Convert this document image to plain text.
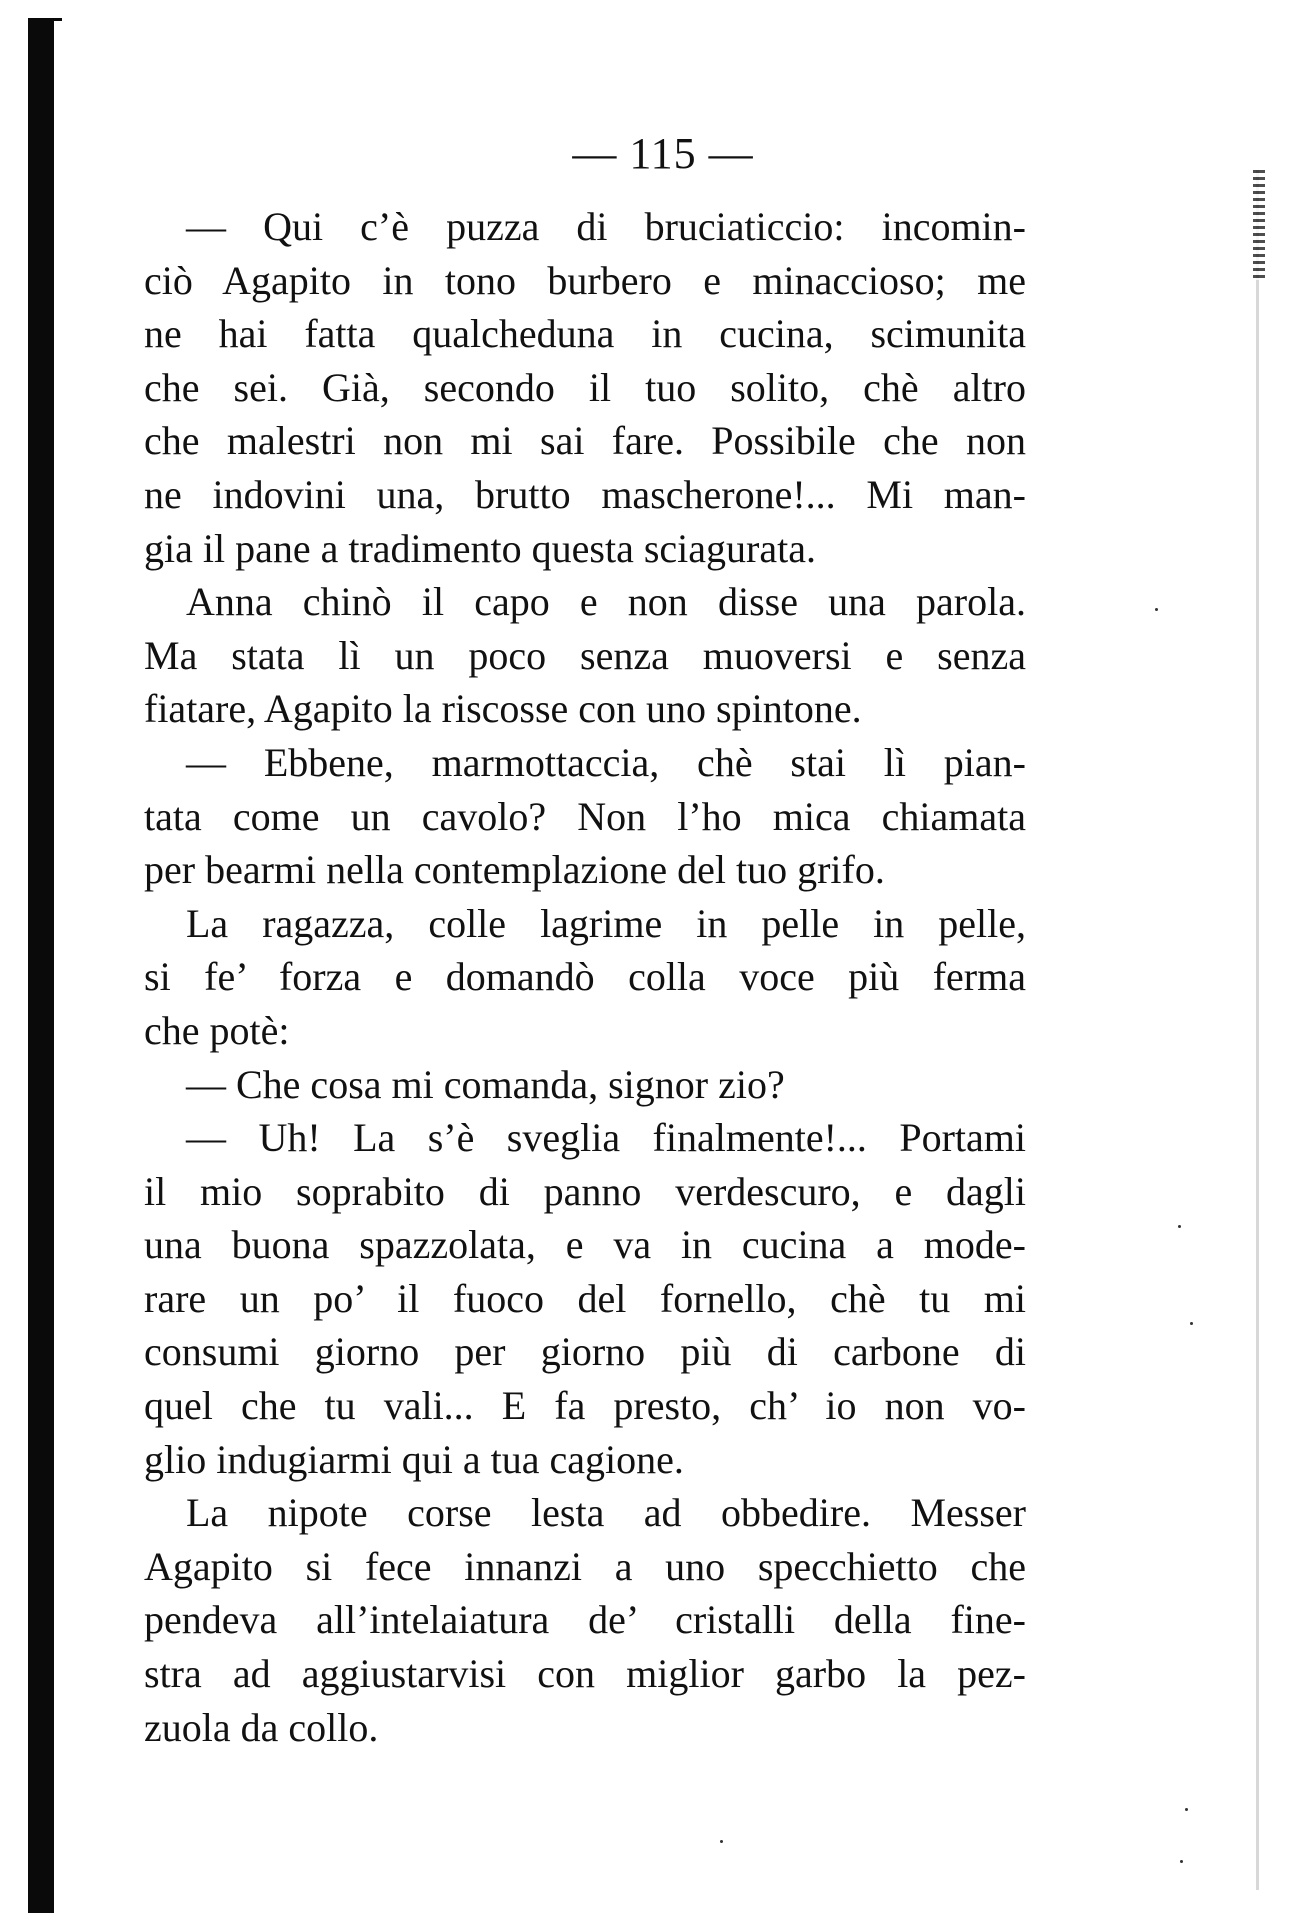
— 115 —
— Qui c’è puzza di bruciaticcio: incomin-
ciò Agapito in tono burbero e minaccioso; me
ne hai fatta qualcheduna in cucina, scimunita
che sei. Già, secondo il tuo solito, chè altro
che malestri non mi sai fare. Possibile che non
ne indovini una, brutto mascherone!... Mi man-
gia il pane a tradimento questa sciagurata.
Anna chinò il capo e non disse una parola.
Ma stata lì un poco senza muoversi e senza
fiatare, Agapito la riscosse con uno spintone.
— Ebbene, marmottaccia, chè stai lì pian-
tata come un cavolo? Non l’ho mica chiamata
per bearmi nella contemplazione del tuo grifo.
La ragazza, colle lagrime in pelle in pelle,
si fe’ forza e domandò colla voce più ferma
che potè:
— Che cosa mi comanda, signor zio?
— Uh! La s’è sveglia finalmente!... Portami
il mio soprabito di panno verdescuro, e dagli
una buona spazzolata, e va in cucina a mode-
rare un po’ il fuoco del fornello, chè tu mi
consumi giorno per giorno più di carbone di
quel che tu vali... E fa presto, ch’ io non vo-
glio indugiarmi qui a tua cagione.
La nipote corse lesta ad obbedire. Messer
Agapito si fece innanzi a uno specchietto che
pendeva all’intelaiatura de’ cristalli della fine-
stra ad aggiustarvisi con miglior garbo la pez-
zuola da collo.
